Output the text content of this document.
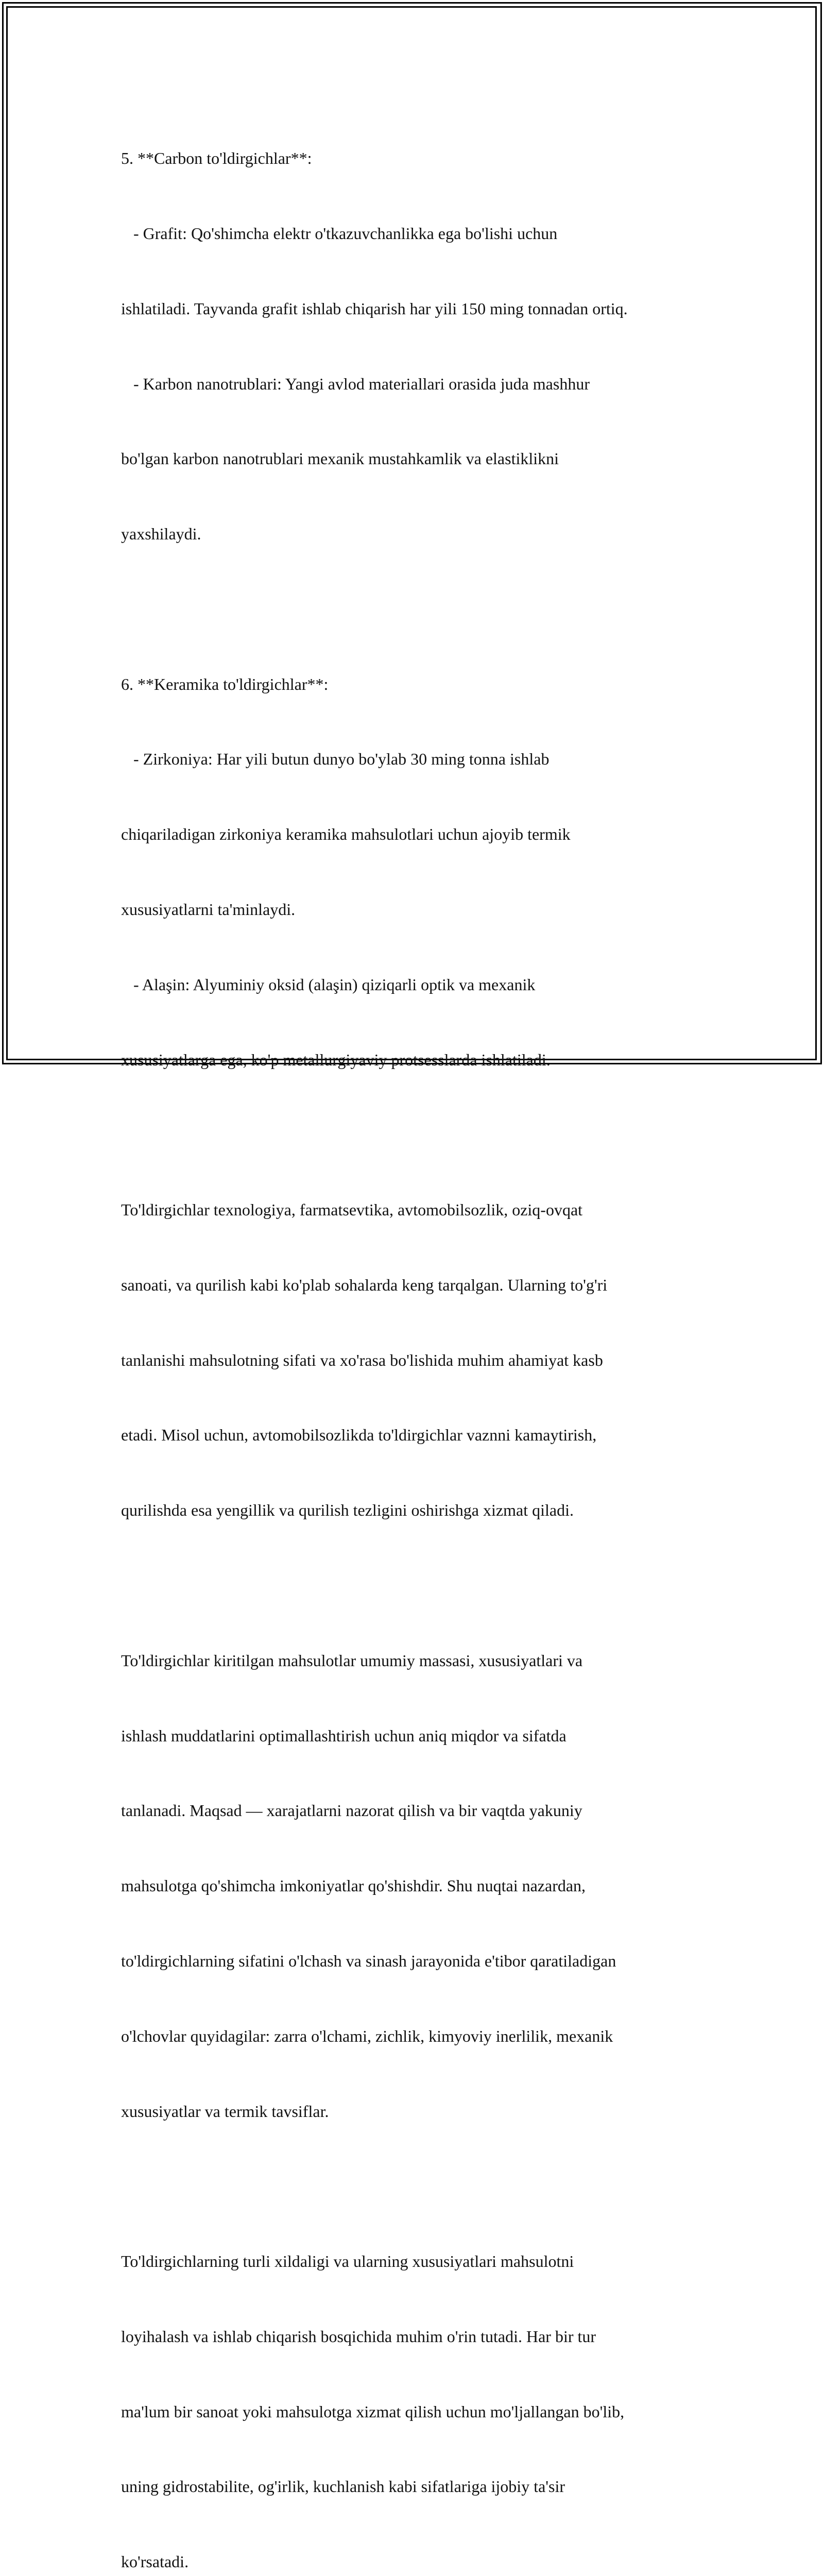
5. **Carbon to'ldirgichlar**:

- Grafit: Qo'shimcha elektr o'tkazuvchanlikka ega bo'lishi uchun

ishlatiladi. Tayvanda grafit ishlab chiqarish har yili 150 ming tonnadan ortiq.

- Karbon nanotrublari: Yangi avlod materiallari orasida juda mashhur

bo'lgan karbon nanotrublari mexanik mustahkamlik va elastiklikni

yaxshilaydi.

6. **Keramika to'ldirgichlar**:

- Zirkoniya: Har yili butun dunyo bo'ylab 30 ming tonna ishlab

chiqariladigan zirkoniya keramika mahsulotlari uchun ajoyib termik

xususiyatlarni ta'minlaydi.

- Alaşin: Alyuminiy oksid (alaşin) qiziqarli optik va mexanik

xususiyatlarga ega, ko'p metallurgiyaviy protsesslarda ishlatiladi.

To'ldirgichlar texnologiya, farmatsevtika, avtomobilsozlik, oziq-ovqat

sanoati, va qurilish kabi ko'plab sohalarda keng tarqalgan. Ularning to'g'ri

tanlanishi mahsulotning sifati va xo'rasa bo'lishida muhim ahamiyat kasb

etadi. Misol uchun, avtomobilsozlikda to'ldirgichlar vaznni kamaytirish,

qurilishda esa yengillik va qurilish tezligini oshirishga xizmat qiladi.

To'ldirgichlar kiritilgan mahsulotlar umumiy massasi, xususiyatlari va

ishlash muddatlarini optimallashtirish uchun aniq miqdor va sifatda

tanlanadi. Maqsad — xarajatlarni nazorat qilish va bir vaqtda yakuniy

mahsulotga qo'shimcha imkoniyatlar qo'shishdir. Shu nuqtai nazardan,

to'ldirgichlarning sifatini o'lchash va sinash jarayonida e'tibor qaratiladigan

o'lchovlar quyidagilar: zarra o'lchami, zichlik, kimyoviy inerlilik, mexanik

xususiyatlar va termik tavsiflar.

To'ldirgichlarning turli xildaligi va ularning xususiyatlari mahsulotni

loyihalash va ishlab chiqarish bosqichida muhim o'rin tutadi. Har bir tur

ma'lum bir sanoat yoki mahsulotga xizmat qilish uchun mo'ljallangan bo'lib,

uning gidrostabilite, og'irlik, kuchlanish kabi sifatlariga ijobiy ta'sir

ko'rsatadi.
